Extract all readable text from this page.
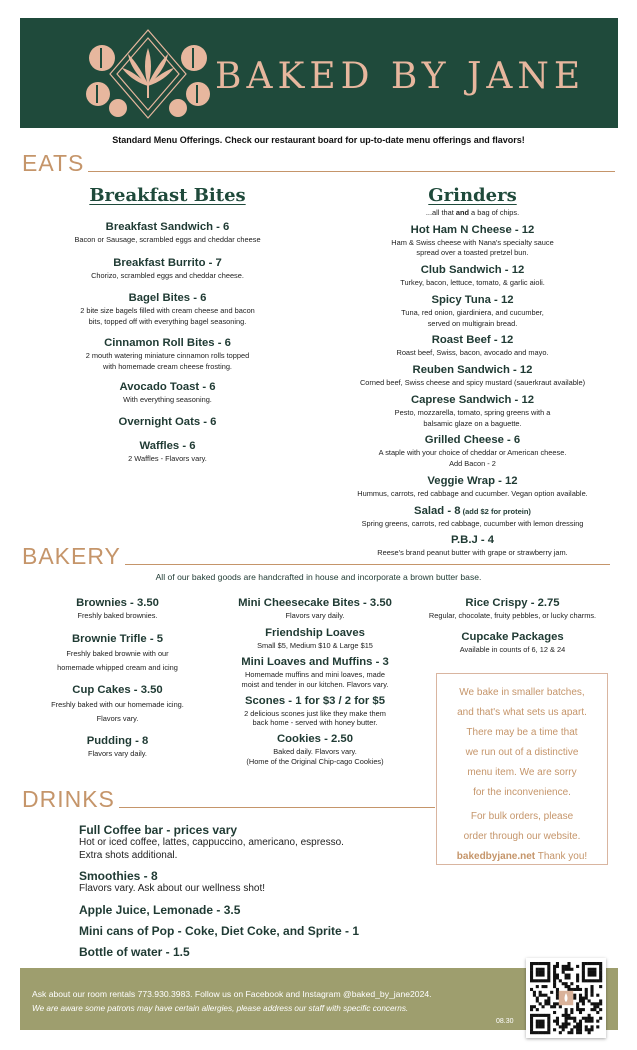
BAKED BY JANE
Standard Menu Offerings. Check our restaurant board for up-to-date menu offerings and flavors!
EATS
Breakfast Bites
Breakfast Sandwich - 6
Bacon or Sausage, scrambled eggs and cheddar cheese
Breakfast Burrito - 7
Chorizo, scrambled eggs and cheddar cheese.
Bagel Bites - 6
2 bite size bagels filled with cream cheese and bacon
bits, topped off with everything bagel seasoning.
Cinnamon Roll Bites - 6
2 mouth watering miniature cinnamon rolls topped
with homemade cream cheese frosting.
Avocado Toast - 6
With everything seasoning.
Overnight Oats - 6
Waffles - 6
2 Waffles - Flavors vary.
Grinders
...all that and a bag of chips.
Hot Ham N Cheese - 12
Ham & Swiss cheese with Nana's specialty sauce
spread over a toasted pretzel bun.
Club Sandwich - 12
Turkey, bacon, lettuce, tomato, & garlic aioli.
Spicy Tuna - 12
Tuna, red onion, giardiniera, and cucumber,
served on multigrain bread.
Roast Beef - 12
Roast beef, Swiss, bacon, avocado and mayo.
Reuben Sandwich - 12
Corned beef, Swiss cheese and spicy mustard (sauerkraut available)
Caprese Sandwich - 12
Pesto, mozzarella, tomato, spring greens with a
balsamic glaze on a baguette.
Grilled Cheese - 6
A staple with your choice of cheddar or American cheese.
Add Bacon - 2
Veggie Wrap - 12
Hummus, carrots, red cabbage and cucumber. Vegan option available.
Salad - 8 (add $2 for protein)
Spring greens, carrots, red cabbage, cucumber with lemon dressing
P.B.J - 4
Reese's brand peanut butter with grape or strawberry jam.
BAKERY
All of our baked goods are handcrafted in house and incorporate a brown butter base.
Brownies - 3.50
Freshly baked brownies.
Brownie Trifle - 5
Freshly baked brownie with our
homemade whipped cream and icing
Cup Cakes - 3.50
Freshly baked with our homemade icing.
Flavors vary.
Pudding - 8
Flavors vary daily.
Mini Cheesecake Bites - 3.50
Flavors vary daily.
Friendship Loaves
Small $5, Medium $10 & Large $15
Mini Loaves and Muffins - 3
Homemade muffins and mini loaves, made
moist and tender in our kitchen. Flavors vary.
Scones - 1 for $3 / 2 for $5
2 delicious scones just like they make them
back home - served with honey butter.
Cookies - 2.50
Baked daily. Flavors vary.
(Home of the Original Chip-cago Cookies)
Rice Crispy - 2.75
Regular, chocolate, fruity pebbles, or lucky charms.
Cupcake Packages
Available in counts of 6, 12 & 24

We bake in smaller batches,

and that's what sets us apart.

There may be a time that

we run out of a distinctive

menu item. We are sorry

for the inconvenience.

For bulk orders, please

order through our website.

bakedbyjane.net Thank you!

DRINKS
Full Coffee bar - prices vary
Hot or iced coffee, lattes, cappuccino, americano, espresso.
Extra shots additional.
Smoothies - 8
Flavors vary. Ask about our wellness shot!
Apple Juice, Lemonade - 3.5
Mini cans of Pop - Coke, Diet Coke, and Sprite - 1
Bottle of water - 1.5
Ask about our room rentals 773.930.3983. Follow us on Facebook and Instagram @baked_by_jane2024.
We are aware some patrons may have certain allergies, please address our staff with specific concerns.
08.30
